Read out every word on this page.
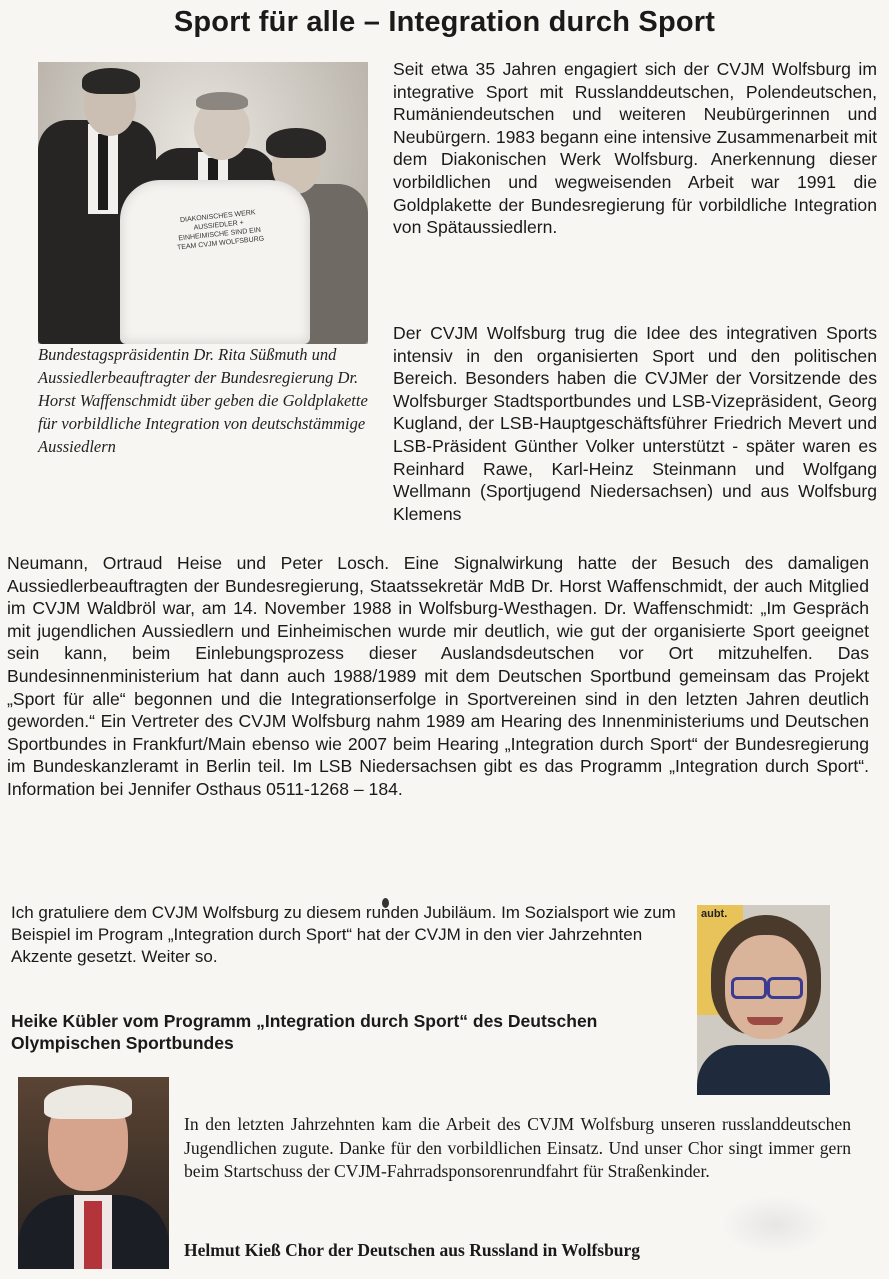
Sport für alle – Integration durch Sport
DIAKONISCHES WERK AUSSIEDLER + EINHEIMISCHE SIND EIN TEAM CVJM WOLFSBURG
Bundestagspräsidentin Dr. Rita Süßmuth und Aussiedlerbeauftragter der Bundesregierung Dr. Horst Waffenschmidt über geben die Goldplakette für vorbildliche Integration von deutschstämmige Aussiedlern
Seit etwa 35 Jahren engagiert sich der CVJM Wolfsburg im integrative Sport mit Russlanddeutschen, Polendeutschen, Rumäniendeutschen und weiteren Neubürgerinnen und Neubürgern. 1983 begann eine intensive Zusammenarbeit mit dem Diakonischen Werk Wolfsburg. Anerkennung dieser vorbildlichen und wegweisenden Arbeit war 1991 die Goldplakette der Bundesregierung für vorbildliche Integration von Spätaussiedlern.
Der CVJM Wolfsburg trug die Idee des integrativen Sports intensiv in den organisierten Sport und den politischen Bereich. Besonders haben die CVJMer der Vorsitzende des Wolfsburger Stadtsportbundes und LSB-Vizepräsident, Georg Kugland, der LSB-Hauptgeschäftsführer Friedrich Mevert und LSB-Präsident Günther Volker unterstützt - später waren es Reinhard Rawe, Karl-Heinz Steinmann und Wolfgang Wellmann (Sportjugend Niedersachsen) und aus Wolfsburg Klemens
Neumann, Ortraud Heise und Peter Losch. Eine Signalwirkung hatte der Besuch des damaligen Aussiedlerbeauftragten der Bundesregierung, Staatssekretär MdB Dr. Horst Waffenschmidt, der auch Mitglied im CVJM Waldbröl war, am 14. November 1988 in Wolfsburg-Westhagen. Dr. Waffenschmidt: „Im Gespräch mit jugendlichen Aussiedlern und Einheimischen wurde mir deutlich, wie gut der organisierte Sport geeignet sein kann, beim Einlebungsprozess dieser Auslandsdeutschen vor Ort mitzuhelfen. Das Bundesinnenministerium hat dann auch 1988/1989 mit dem Deutschen Sportbund gemeinsam das Projekt „Sport für alle“ begonnen und die Integrationserfolge in Sportvereinen sind in den letzten Jahren deutlich geworden.“ Ein Vertreter des CVJM Wolfsburg nahm 1989 am Hearing des Innenministeriums und Deutschen Sportbundes in Frankfurt/Main ebenso wie 2007 beim Hearing „Integration durch Sport“ der Bundesregierung im Bundeskanzleramt in Berlin teil. Im LSB Niedersachsen gibt es das Programm „Integration durch Sport“. Information bei Jennifer Osthaus 0511-1268 – 184.
Ich gratuliere dem CVJM Wolfsburg zu diesem runden Jubiläum. Im Sozialsport wie zum Beispiel im Program „Integration durch Sport“ hat der CVJM in den vier Jahrzehnten Akzente gesetzt. Weiter so.
Heike Kübler vom Programm „Integration durch Sport“ des Deutschen Olympischen Sportbundes
aubt.
In den letzten Jahrzehnten kam die Arbeit des CVJM Wolfsburg unseren russlanddeutschen Jugendlichen zugute. Danke für den vorbildlichen Einsatz. Und unser Chor singt immer gern beim Startschuss der CVJM-Fahrradsponsorenrundfahrt für Straßenkinder.
Helmut Kieß Chor der Deutschen aus Russland in Wolfsburg
